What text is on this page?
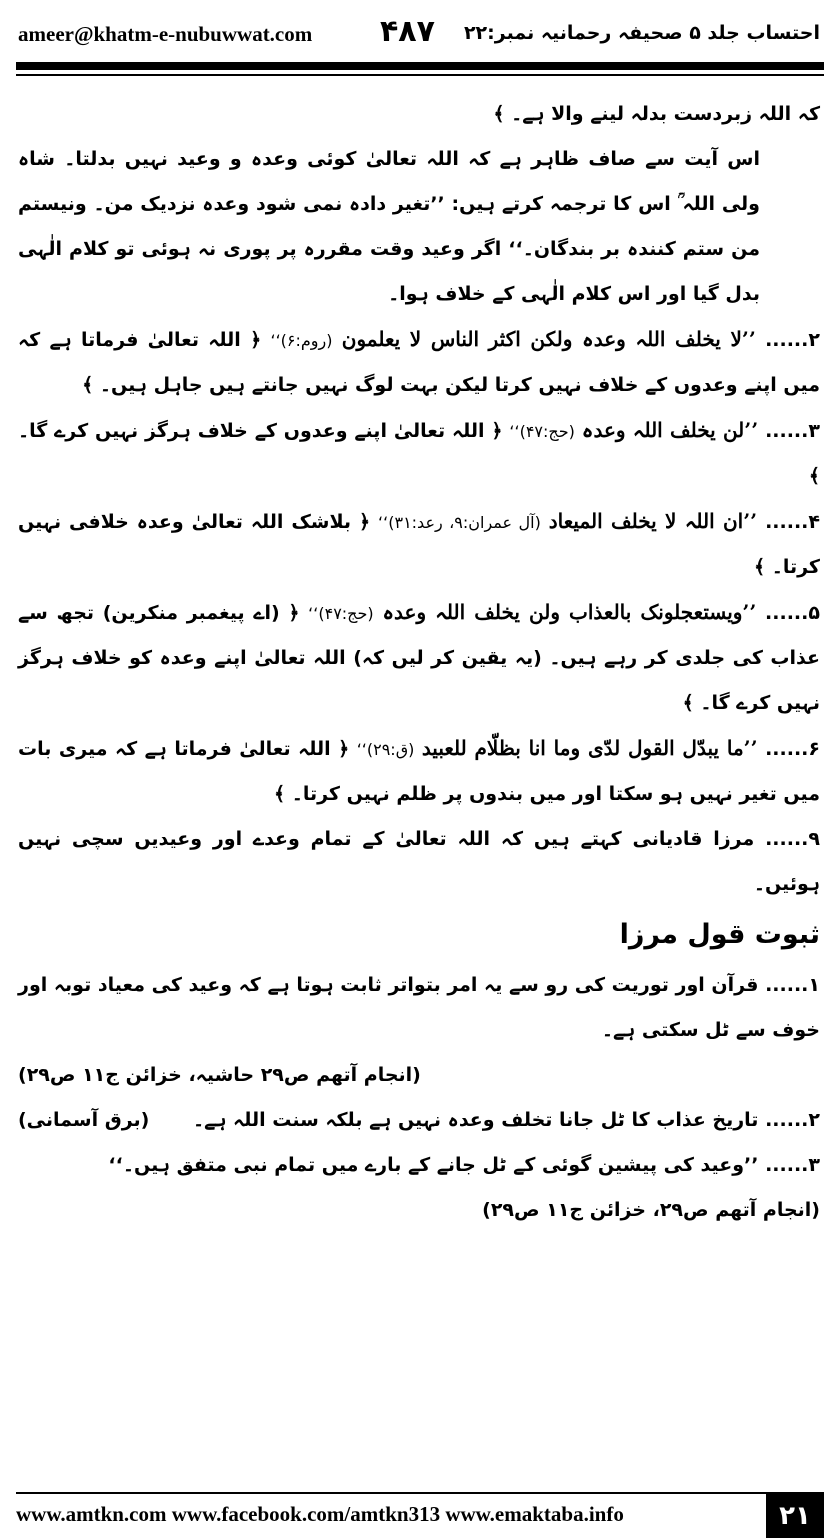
ameer@khatm-e-nubuwwat.com ۴۸۷ احتساب جلد ۵ صحیفہ رحمانیہ نمبر:۲۲

کہ اللہ زبردست بدلہ لینے والا ہے۔ ﴾

اس آیت سے صاف ظاہر ہے کہ اللہ تعالیٰ کوئی وعدہ و وعید نہیں بدلتا۔ شاہ ولی اللہ ؒ اس کا ترجمہ کرتے ہیں: ’’تغیر دادہ نمی شود وعدہ نزدیک من۔ ونیستم من ستم کنندہ بر بندگان۔‘‘ اگر وعید وقت مقررہ پر پوری نہ ہوئی تو کلام الٰہی بدل گیا اور اس کلام الٰہی کے خلاف ہوا۔

۲...... ’’لا یخلف اللہ وعدہ ولکن اکثر الناس لا یعلمون (روم:۶)‘‘ ﴿ اللہ تعالیٰ فرماتا ہے کہ میں اپنے وعدوں کے خلاف نہیں کرتا لیکن بہت لوگ نہیں جانتے ہیں جاہل ہیں۔ ﴾

۳...... ’’لن یخلف اللہ وعدہ (حج:۴۷)‘‘ ﴿ اللہ تعالیٰ اپنے وعدوں کے خلاف ہرگز نہیں کرے گا۔ ﴾

۴...... ’’ان اللہ لا یخلف المیعاد (آل عمران:۹، رعد:۳۱)‘‘ ﴿ بلاشک اللہ تعالیٰ وعدہ خلافی نہیں کرتا۔ ﴾

۵...... ’’ویستعجلونک بالعذاب ولن یخلف اللہ وعدہ (حج:۴۷)‘‘ ﴿ (اے پیغمبر منکرین) تجھ سے عذاب کی جلدی کر رہے ہیں۔ (یہ یقین کر لیں کہ) اللہ تعالیٰ اپنے وعدہ کو خلاف ہرگز نہیں کرے گا۔ ﴾

۶...... ’’ما یبدّل القول لدّی وما انا بظلّام للعبید (ق:۲۹)‘‘ ﴿ اللہ تعالیٰ فرماتا ہے کہ میری بات میں تغیر نہیں ہو سکتا اور میں بندوں پر ظلم نہیں کرتا۔ ﴾

۹...... مرزا قادیانی کہتے ہیں کہ اللہ تعالیٰ کے تمام وعدے اور وعیدیں سچی نہیں ہوئیں۔

ثبوت قول مرزا

۱...... قرآن اور توریت کی رو سے یہ امر بتواتر ثابت ہوتا ہے کہ وعید کی معیاد توبہ اور خوف سے ٹل سکتی ہے۔

(انجام آتھم ص۲۹ حاشیہ، خزائن ج۱۱ ص۲۹)

۲...... تاریخ عذاب کا ٹل جانا تخلف وعدہ نہیں ہے بلکہ سنت اللہ ہے۔
(برق آسمانی)

۳...... ’’وعید کی پیشین گوئی کے ٹل جانے کے بارے میں تمام نبی متفق ہیں۔‘‘

(انجام آتھم ص۲۹، خزائن ج۱۱ ص۲۹)

www.amtkn.com www.facebook.com/amtkn313 www.emaktaba.info	۲۱
